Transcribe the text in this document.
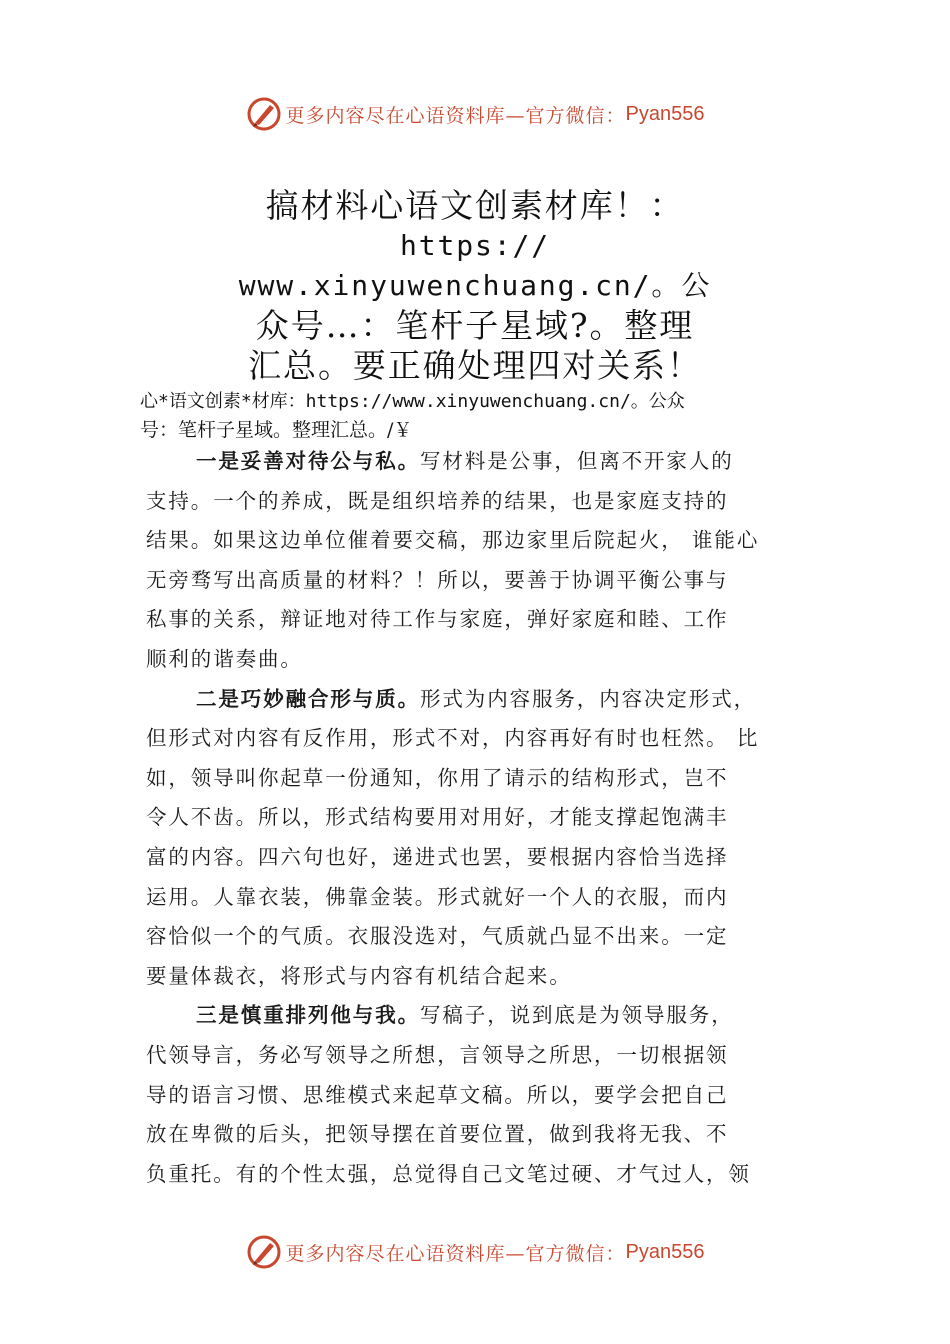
更多内容尽在心语资料库—官方微信： Pyan556
搞材料心语文创素材库！：
https://
www.xinyuwenchuang.cn/。公
众号…：笔杆子星域?。整理
汇总。要正确处理四对关系！
心*语文创素*材库：https://www.xinyuwenchuang.cn/。公众
号：笔杆子星域。整理汇总。/￥
一是妥善对待公与私。写材料是公事，但离不开家人的
支持。一个的养成，既是组织培养的结果，也是家庭支持的
结果。如果这边单位催着要交稿，那边家里后院起火， 谁能心
无旁骛写出高质量的材料？！所以，要善于协调平衡公事与
私事的关系，辩证地对待工作与家庭，弹好家庭和睦、工作
顺利的谐奏曲。
二是巧妙融合形与质。形式为内容服务，内容决定形式，
但形式对内容有反作用，形式不对，内容再好有时也枉然。 比
如，领导叫你起草一份通知，你用了请示的结构形式，岂不
令人不齿。所以，形式结构要用对用好，才能支撑起饱满丰
富的内容。四六句也好，递进式也罢，要根据内容恰当选择
运用。人靠衣装，佛靠金装。形式就好一个人的衣服，而内
容恰似一个的气质。衣服没选对，气质就凸显不出来。一定
要量体裁衣，将形式与内容有机结合起来。
三是慎重排列他与我。写稿子，说到底是为领导服务，
代领导言，务必写领导之所想，言领导之所思，一切根据领
导的语言习惯、思维模式来起草文稿。所以，要学会把自己
放在卑微的后头，把领导摆在首要位置，做到我将无我、不
负重托。有的个性太强，总觉得自己文笔过硬、才气过人，领
更多内容尽在心语资料库—官方微信： Pyan556
